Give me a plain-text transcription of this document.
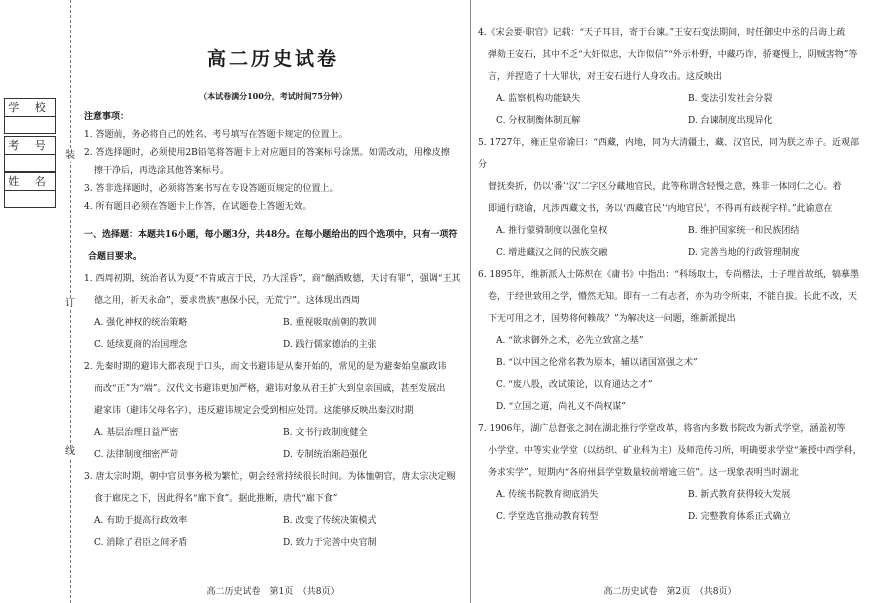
学 校
考 号
姓 名
装
订
线
高二历史试卷
（本试卷满分100分，考试时间75分钟）
注意事项：
1. 答题前，务必将自己的姓名、考号填写在答题卡规定的位置上。
2. 答选择题时，必须使用2B铅笔将答题卡上对应题目的答案标号涂黑。如需改动，用橡皮擦
擦干净后，再选涂其他答案标号。
3. 答非选择题时，必须将答案书写在专设答题页规定的位置上。
4. 所有题目必须在答题卡上作答，在试题卷上答题无效。
一、选择题：本题共16小题，每小题3分，共48分。在每小题给出的四个选项中，只有一项符
合题目要求。
1. 西周初期，统治者认为夏“不肯戚言于民，乃大淫昏”，商“酗酒败德，天讨有罪”，强调“王其
德之用，祈天永命”，要求贵族“惠保小民，无荒宁”。这体现出西周
A. 强化神权的统治策略	B. 重视吸取前朝的教训
C. 延续夏商的治国理念	D. 践行儒家德治的主张
2. 先秦时期的避讳大都表现于口头，而文书避讳是从秦开始的，常见的是为避秦始皇嬴政讳
而改“正”为“端”。汉代文书避讳更加严格，避讳对象从君王扩大到皇亲国戚，甚至发展出
避家讳（避讳父母名字），违反避讳规定会受到相应处罚。这能够反映出秦汉时期
A. 基层治理日益严密	B. 文书行政制度健全
C. 法律制度细密严苛	D. 专制统治渐趋强化
3. 唐太宗时期，朝中官员事务极为繁忙，朝会经常持续很长时间。为体恤朝官，唐太宗决定赐
食于廊庑之下，因此得名“廊下食”。据此推断，唐代“廊下食”
A. 有助于提高行政效率	B. 改变了传统决策模式
C. 消除了君臣之间矛盾	D. 致力于完善中央官制
高二历史试卷　第1页　（共8页）
4.《宋会要·职官》记载：“天子耳目，寄于台谏。”王安石变法期间，时任御史中丞的吕诲上疏
弹劾王安石，其中不乏“大奸似忠，大诈似信”“外示朴野，中藏巧诈，骄蹇慢上，阴贼害物”等
言，并捏造了十大罪状，对王安石进行人身攻击。这反映出
A. 监察机构功能缺失	B. 变法引发社会分裂
C. 分权制衡体制瓦解	D. 台谏制度出现异化
5. 1727年，雍正皇帝谕曰：“西藏，内地，同为大清疆土，藏、汉官民，同为朕之赤子。近观部分
督抚奏折，仍以‘番’‘汉’二字区分藏地官民，此等称谓含轻慢之意，殊非一体同仁之心。着
即通行晓谕，凡涉西藏文书，务以‘西藏官民’‘内地官民’，不得再有歧视字样。”此谕意在
A. 推行蒙骑制度以强化皇权	B. 维护国家统一和民族团结
C. 增进藏汉之间的民族交融	D. 完善当地的行政管理制度
6. 1895年，维新派人士陈炽在《庸书》中指出：“科场取士，专尚楷法，士子埋首故纸，犒摹墨
卷，于经世致用之学，懵然无知。即有一二有志者，亦为功令所束，不能自拔。长此不改，天
下无可用之才，国势将何赖哉？”为解决这一问题，维新派提出
A. “欲求御外之术，必先立致富之基”
B. “以中国之伦常名教为原本，辅以诸国富强之术”
C. “废八股，改试策论，以育通达之才”
D. “立国之道，尚礼义不尚权谋”
7. 1906年，湖广总督张之洞在湖北推行学堂改革，将省内多数书院改为新式学堂，涵盖初等
小学堂、中等实业学堂（以纺织、矿业科为主）及师范传习所，明确要求学堂“兼授中西学科，
务求实学”，短期内“各府州县学堂数量较前增逾三倍”。这一现象表明当时湖北
A. 传统书院教育彻底消失	B. 新式教育获得较大发展
C. 学堂选官推动教育转型	D. 完整教育体系正式确立
高二历史试卷　第2页　（共8页）
